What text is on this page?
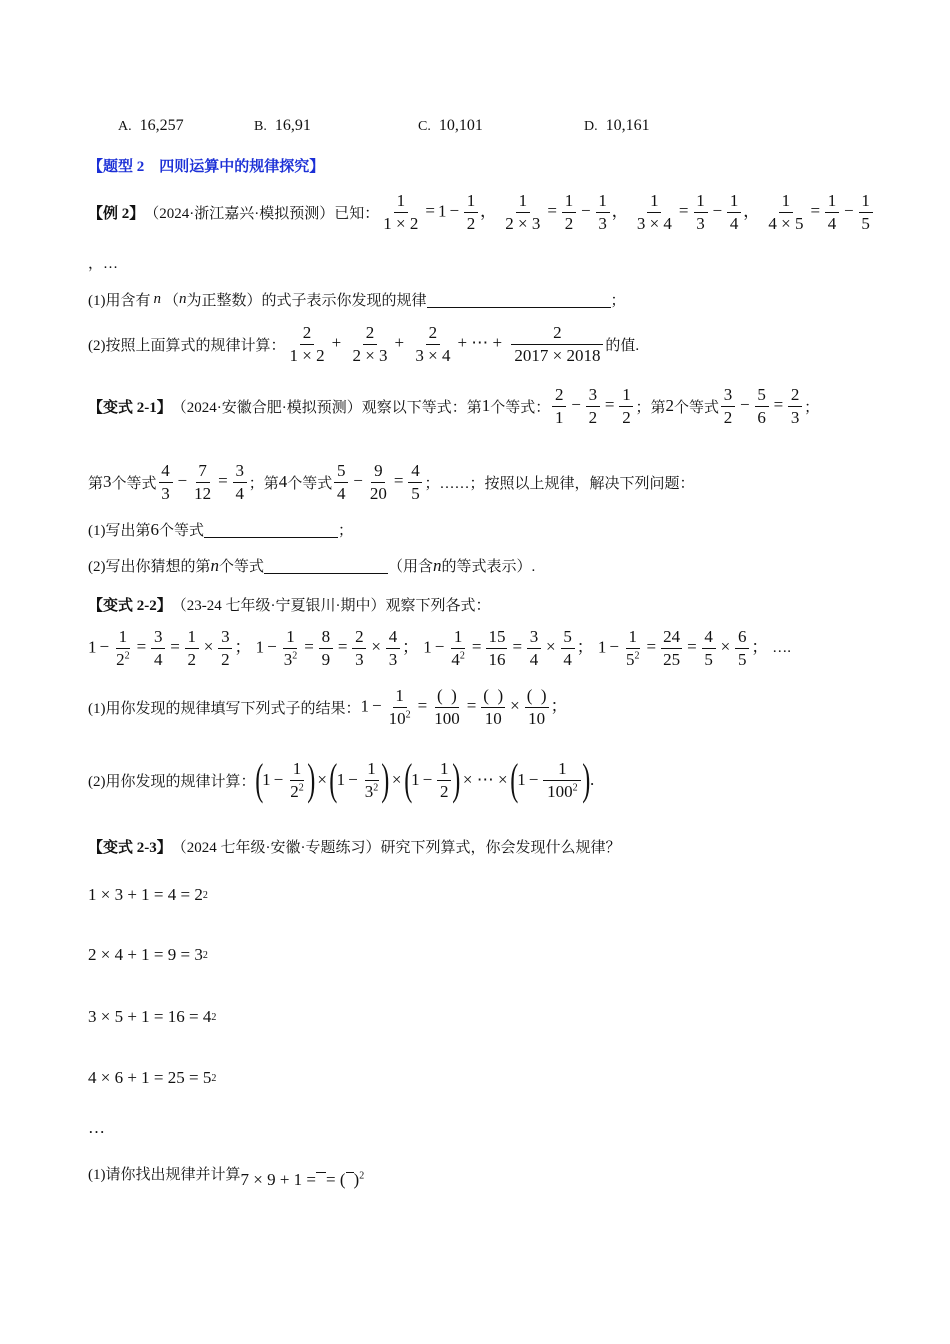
A. 16,257	B. 16,91	C. 10,101	D. 10,161
【题型 2　四则运算中的规律探究】
【例 2】 （2024·浙江嘉兴·模拟预测）已知： $\frac{1}{1 \times 2} = 1 - \frac{1}{2}$ ， $\frac{1}{2 \times 3} = \frac{1}{2} - \frac{1}{3}$ ， $\frac{1}{3 \times 4} = \frac{1}{3} - \frac{1}{4}$ ， $\frac{1}{4 \times 5} = \frac{1}{4} - \frac{1}{5}$
，…
(1)用含有 n （ n 为正整数）的式子表示你发现的规律	；
(2)按照上面算式的规律计算： $\frac{2}{1 \times 2} + \frac{2}{2 \times 3} + \frac{2}{3 \times 4}$ + ⋯ + $\frac{2}{2017 \times 2018}$ 的值.
【变式 2-1】 （2024·安徽合肥·模拟预测）观察以下等式：第 1 个等式： $\frac{2}{1} - \frac{3}{2} = \frac{1}{2}$ ；第 2 个等式 $\frac{3}{2} - \frac{5}{6} = \frac{2}{3}$ ；
第 3 个等式 $\frac{4}{3} - \frac{7}{12} = \frac{3}{4}$ ；第 4 个等式 $\frac{5}{4} - \frac{9}{20} = \frac{4}{5}$ ；……；按照以上规律，解决下列问题：
(1)写出第 6 个等式	；
(2)写出你猜想的第 n 个等式	（用含 n 的等式表示）.
【变式 2-2】 （23-24 七年级·宁夏银川·期中）观察下列各式：
$1 - \frac{1}{2^2} = \frac{3}{4} = \frac{1}{2} \times \frac{3}{2}$ ； $1 - \frac{1}{3^2} = \frac{8}{9} = \frac{2}{3} \times \frac{4}{3}$ ； $1 - \frac{1}{4^2} = \frac{15}{16} = \frac{3}{4} \times \frac{5}{4}$ ； $1 - \frac{1}{5^2} = \frac{24}{25} = \frac{4}{5} \times \frac{6}{5}$ ； ….
(1)用你发现的规律填写下列式子的结果： $1 - \frac{1}{10^2}$ =
(  )
100
=
(  )
10
×
(  )
10
；
(2)用你发现的规律计算： ( $1 - \frac{1}{2^2}$ ) × ( $1 - \frac{1}{3^2}$ ) × ( $1 - \frac{1}{2}$ ) × ⋯ × ( $1 - \frac{1}{100^2}$ ) .
【变式 2-3】 （2024 七年级·安徽·专题练习）研究下列算式，你会发现什么规律？
1 × 3 + 1 = 4 = 2 2
2 × 4 + 1 = 9 = 3 2
3 × 5 + 1 = 16 = 4 2
4 × 6 + 1 = 25 = 5 2
…
(1)请你找出规律并计算 7 × 9 + 1 = = ( )$^2$
